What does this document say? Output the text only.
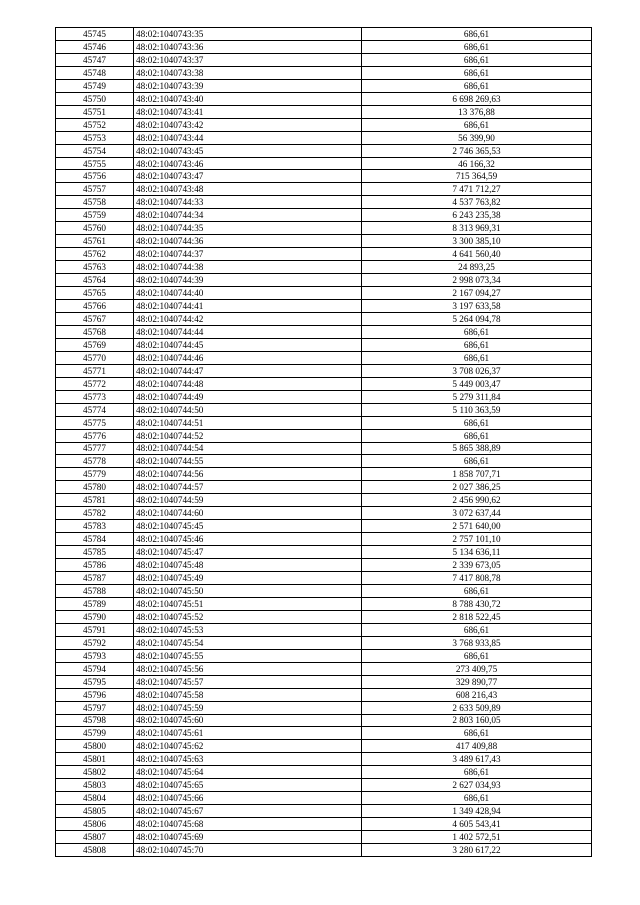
45745	48:02:1040743:35	686,61
45746	48:02:1040743:36	686,61
45747	48:02:1040743:37	686,61
45748	48:02:1040743:38	686,61
45749	48:02:1040743:39	686,61
45750	48:02:1040743:40	6 698 269,63
45751	48:02:1040743:41	13 376,88
45752	48:02:1040743:42	686,61
45753	48:02:1040743:44	56 399,90
45754	48:02:1040743:45	2 746 365,53
45755	48:02:1040743:46	46 166,32
45756	48:02:1040743:47	715 364,59
45757	48:02:1040743:48	7 471 712,27
45758	48:02:1040744:33	4 537 763,82
45759	48:02:1040744:34	6 243 235,38
45760	48:02:1040744:35	8 313 969,31
45761	48:02:1040744:36	3 300 385,10
45762	48:02:1040744:37	4 641 560,40
45763	48:02:1040744:38	24 893,25
45764	48:02:1040744:39	2 998 073,34
45765	48:02:1040744:40	2 167 094,27
45766	48:02:1040744:41	3 197 633,58
45767	48:02:1040744:42	5 264 094,78
45768	48:02:1040744:44	686,61
45769	48:02:1040744:45	686,61
45770	48:02:1040744:46	686,61
45771	48:02:1040744:47	3 708 026,37
45772	48:02:1040744:48	5 449 003,47
45773	48:02:1040744:49	5 279 311,84
45774	48:02:1040744:50	5 110 363,59
45775	48:02:1040744:51	686,61
45776	48:02:1040744:52	686,61
45777	48:02:1040744:54	5 865 388,89
45778	48:02:1040744:55	686,61
45779	48:02:1040744:56	1 858 707,71
45780	48:02:1040744:57	2 027 386,25
45781	48:02:1040744:59	2 456 990,62
45782	48:02:1040744:60	3 072 637,44
45783	48:02:1040745:45	2 571 640,00
45784	48:02:1040745:46	2 757 101,10
45785	48:02:1040745:47	5 134 636,11
45786	48:02:1040745:48	2 339 673,05
45787	48:02:1040745:49	7 417 808,78
45788	48:02:1040745:50	686,61
45789	48:02:1040745:51	8 788 430,72
45790	48:02:1040745:52	2 818 522,45
45791	48:02:1040745:53	686,61
45792	48:02:1040745:54	3 768 933,85
45793	48:02:1040745:55	686,61
45794	48:02:1040745:56	273 409,75
45795	48:02:1040745:57	329 890,77
45796	48:02:1040745:58	608 216,43
45797	48:02:1040745:59	2 633 509,89
45798	48:02:1040745:60	2 803 160,05
45799	48:02:1040745:61	686,61
45800	48:02:1040745:62	417 409,88
45801	48:02:1040745:63	3 489 617,43
45802	48:02:1040745:64	686,61
45803	48:02:1040745:65	2 627 034,93
45804	48:02:1040745:66	686,61
45805	48:02:1040745:67	1 349 428,94
45806	48:02:1040745:68	4 605 543,41
45807	48:02:1040745:69	1 402 572,51
45808	48:02:1040745:70	3 280 617,22
